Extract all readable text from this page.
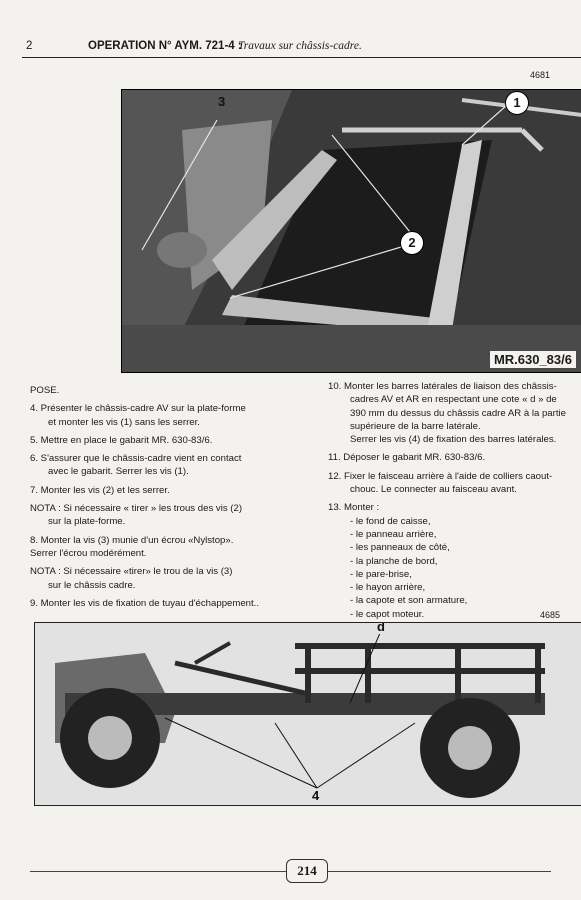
2	OPERATION N° AYM. 721-4 :
Travaux sur châssis-cadre.
4681
3	1
2
MR.630_83/6

POSE.

4. Présenter le châssis-cadre AV sur la plate-forme

et monter les vis (1) sans les serrer.

5. Mettre en place le gabarit MR. 630-83/6.

6. S'assurer que le châssis-cadre vient en contact

avec le gabarit. Serrer les vis (1).

7. Monter les vis (2) et les serrer.

NOTA : Si nécessaire « tirer » les trous des vis (2)

sur la plate-forme.

8. Monter la vis (3) munie d'un écrou «Nylstop».

Serrer l'écrou modérément.

NOTA : Si nécessaire «tirer» le trou de la vis (3)

sur le châssis cadre.

9. Monter les vis de fixation de tuyau d'échappement..

10. Monter les barres latérales de liaison des châssis-

cadres AV et AR en respectant une cote « d » de

390 mm du dessus du châssis cadre AR à la partie

supérieure de la barre latérale.

Serrer les vis (4) de fixation des barres latérales.

11. Déposer le gabarit MR. 630-83/6.

12. Fixer le faisceau arrière à l'aide de colliers caout-

chouc. Le connecter au faisceau avant.

13. Monter :

- le fond de caisse,

- le panneau arrière,

- les panneaux de côté,

- la planche de bord,

- le pare-brise,

- le hayon arrière,

- la capote et son armature,

- le capot moteur.	4685
d
4
214
